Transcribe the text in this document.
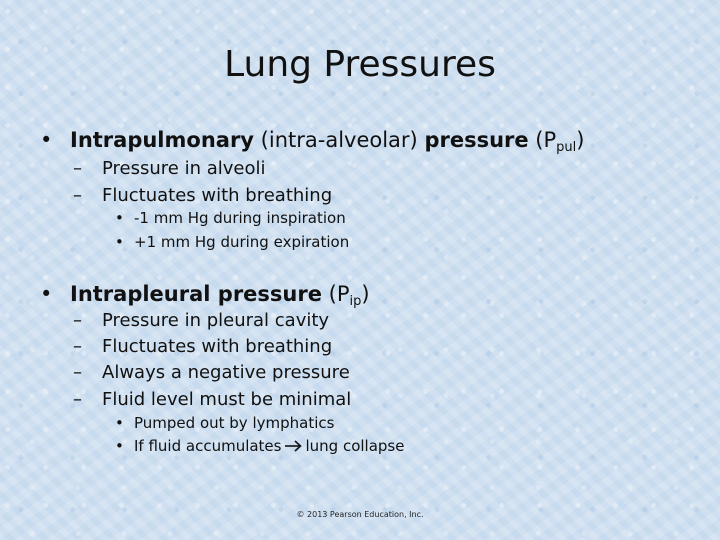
Lung Pressures
• Intrapulmonary (intra-alveolar) pressure $(P_{pul})$
– Pressure in alveoli
– Fluctuates with breathing
• -1 mm Hg during inspiration
• +1 mm Hg during expiration
• Intrapleural pressure $(P_{ip})$
– Pressure in pleural cavity
– Fluctuates with breathing
– Always a negative pressure
– Fluid level must be minimal
• Pumped out by lymphatics
• If fluid accumulates lung collapse
© 2013 Pearson Education, Inc.
